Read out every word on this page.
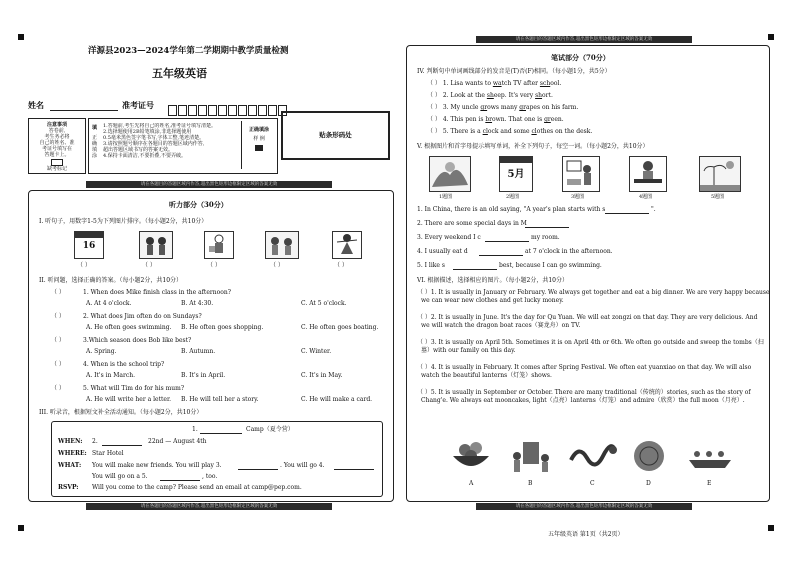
洋源县2023—2024学年第二学期期中教学质量检测
五年级英语
姓名	准考证号
注意事项
答卷前,
考生务必将
自己的姓名、准
考证号填写在
答题卡上。
缺考标记
填
正
确
填
涂
1.答题前,考生先将自己的姓名,准考证号填写清楚。
2.选择题使用2B铅笔填涂,非选择题使用
0.5毫米黑色签字笔书写,字体工整,笔迹清楚。
3.请按照题号顺序在各题目的答题区域内作答,
超出答题区域书写的答案无效。
4.保持卡面清洁,不要折叠,不要弄破。
正确填涂
样 例	贴条形码处
请在各题目的答题区域内作答,超出黑色矩形边框限定区域的答案无效
请在各题目的答题区域内作答,超出黑色矩形边框限定区域的答案无效
请在各题目的答题区域内作答,超出黑色矩形边框限定区域的答案无效	请在各题目的答题区域内作答,超出黑色矩形边框限定区域的答案无效
听力部分（30分）
I. 听句子，用数字1-5为下列图片排序。（每小题2分，共10分）
16
（ ）	（ ）	（ ）	（ ）	（ ）
II. 听问题，选择正确的答案。（每小题2分，共10分）
（ ）	1. When does Mike finish class in the afternoon?
A. At 4 o'clock.	B. At 4:30.	C. At 5 o'clock.
（ ）	2. What does Jim often do on Sundays?
A. He often goes swimming. B. He often goes shopping.	C. He often goes boating.
（ ）	3.Which season does Bob like best?
A. Spring.	B. Autumn.	C. Winter.
（ ）	4. When is the school trip?
A. It's in March.	B. It's in April.	C. It's in May.
（ ）	5. What will Tim do for his mum?
A. He will write her a letter. B. He will tell her a story.	C. He will make a card.
III. 听录音，根据短文补全活动通知。（每小题2分，共10分）
1.	Camp（夏令营）
WHEN: 2.	22nd — August 4th
WHERE: Star Hotel
WHAT: You will make new friends. You will play 3.	. You will go 4.
You will go on a 5.	, too.
RSVP: Will you come to the camp? Please send an email at camp@pep.com.
笔试部分（70分）
IV. 判断句中单词画线部分的发音是(T)否(F)相同。（每小题1分，共5分）
（ ） 1. Lisa wants to watch TV after school.
（ ） 2. Look at the sheep. It's very short.
（ ） 3. My uncle grows many grapes on his farm.
（ ） 4. This pen is brown. That one is green.
（ ） 5. There is a clock and some clothes on the desk.
V. 根据图片和首字母提示填写单词，补全下列句子，每空一词。（每小题2分，共10分）
5月
1题图	2题图	3题图	4题图	5题图
1. In China, there is an old saying, "A year's plan starts with s	".
2. There are some special days in M
3. Every weekend I c	my room.
4. I usually eat d	at 7 o'clock in the afternoon.
5. I like s	best, because I can go swimming.
VI. 根据描述，选择相应的图片。（每小题2分，共10分）
（ ）1. It is usually in January or February. We always get together and eat a big dinner. We are very happy because
we can wear new clothes and get lucky money.
（ ）2. It is usually in June. It's the day for Qu Yuan. We will eat zongzi on that day. They are very delicious. And
we will watch the dragon boat races（赛龙舟）on TV.
（ ）3. It is usually on April 5th. Sometimes it is on April 4th or 6th. We often go outside and sweep the tombs（扫
墓）with our family on this day.
（ ）4. It is usually in February. It comes after Spring Festival. We often eat yuanxiao on that day. We will also
watch the beautiful lanterns（灯笼）shows.
（ ）5. It is usually in September or October. There are many traditional（传统的）stories, such as the story of
Chang'e. We always eat mooncakes, light（点亮）lanterns（灯笼）and admire（欣赏）the full moon（月亮）.
A	B	C	D	E
五年级英语 第1页（共2页）
